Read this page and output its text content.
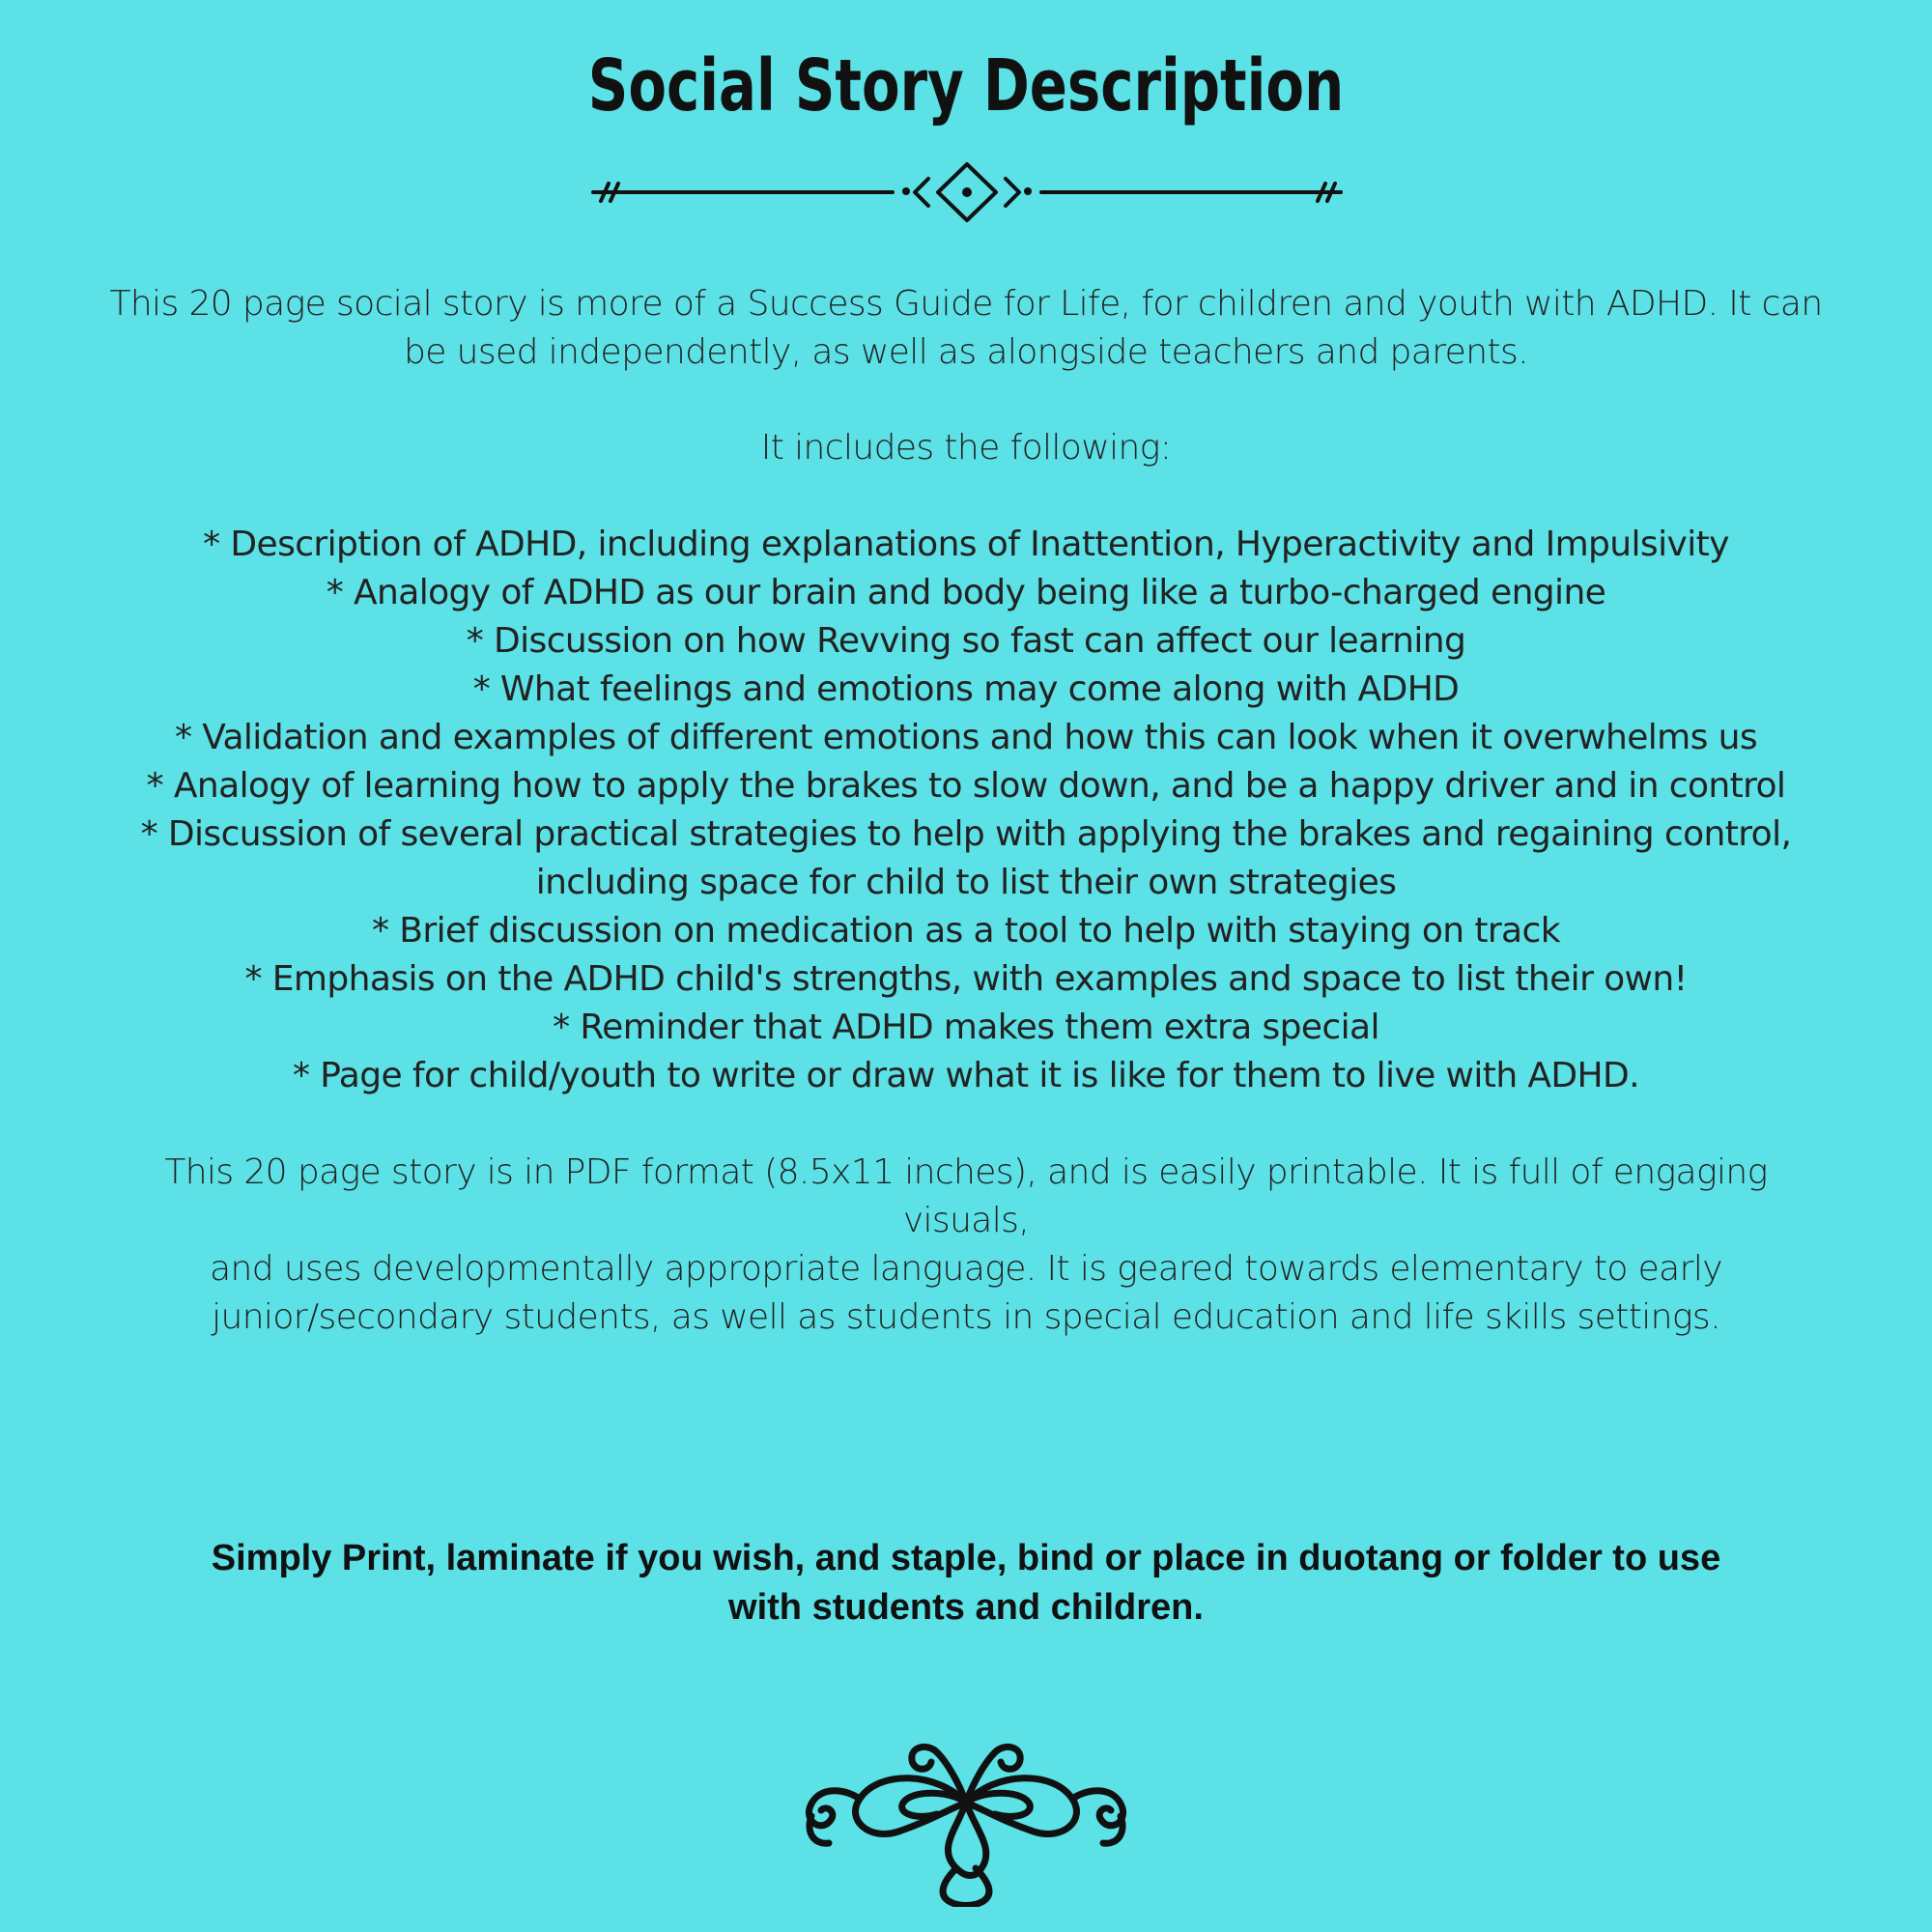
Social Story Description
This 20 page social story is more of a Success Guide for Life, for children and youth with ADHD. It can
be used independently, as well as alongside teachers and parents.
It includes the following:
* Description of ADHD, including explanations of Inattention, Hyperactivity and Impulsivity
* Analogy of ADHD as our brain and body being like a turbo-charged engine
* Discussion on how Revving so fast can affect our learning
* What feelings and emotions may come along with ADHD
* Validation and examples of different emotions and how this can look when it overwhelms us
* Analogy of learning how to apply the brakes to slow down, and be a happy driver and in control
* Discussion of several practical strategies to help with applying the brakes and regaining control,
including space for child to list their own strategies
* Brief discussion on medication as a tool to help with staying on track
* Emphasis on the ADHD child's strengths, with examples and space to list their own!
* Reminder that ADHD makes them extra special
* Page for child/youth to write or draw what it is like for them to live with ADHD.
This 20 page story is in PDF format (8.5x11 inches), and is easily printable. It is full of engaging visuals,
and uses developmentally appropriate language. It is geared towards elementary to early
junior/secondary students, as well as students in special education and life skills settings.
Simply Print, laminate if you wish, and staple, bind or place in duotang or folder to use
with students and children.
